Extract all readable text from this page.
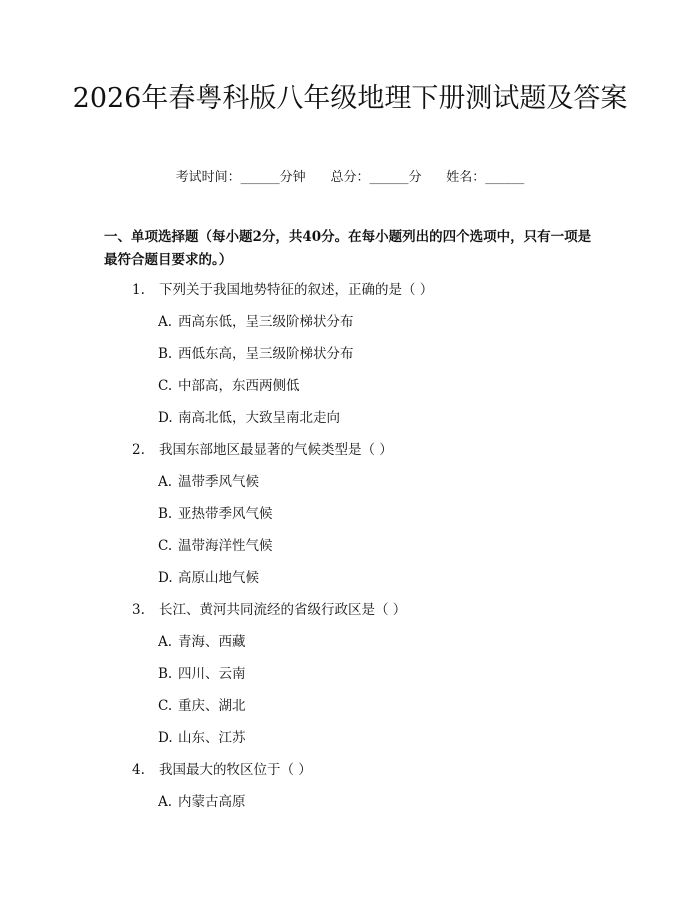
2026年春粤科版八年级地理下册测试题及答案
考试时间：______分钟 总分：______分 姓名：______

一、单项选择题（每小题2分，共40分。在每小题列出的四个选项中，只有一项是最符合题目要求的。）

1. 下列关于我国地势特征的叙述，正确的是（ ）
A. 西高东低，呈三级阶梯状分布
B. 西低东高，呈三级阶梯状分布
C. 中部高，东西两侧低
D. 南高北低，大致呈南北走向
2. 我国东部地区最显著的气候类型是（ ）
A. 温带季风气候
B. 亚热带季风气候
C. 温带海洋性气候
D. 高原山地气候
3. 长江、黄河共同流经的省级行政区是（ ）
A. 青海、西藏
B. 四川、云南
C. 重庆、湖北
D. 山东、江苏
4. 我国最大的牧区位于（ ）
A. 内蒙古高原
